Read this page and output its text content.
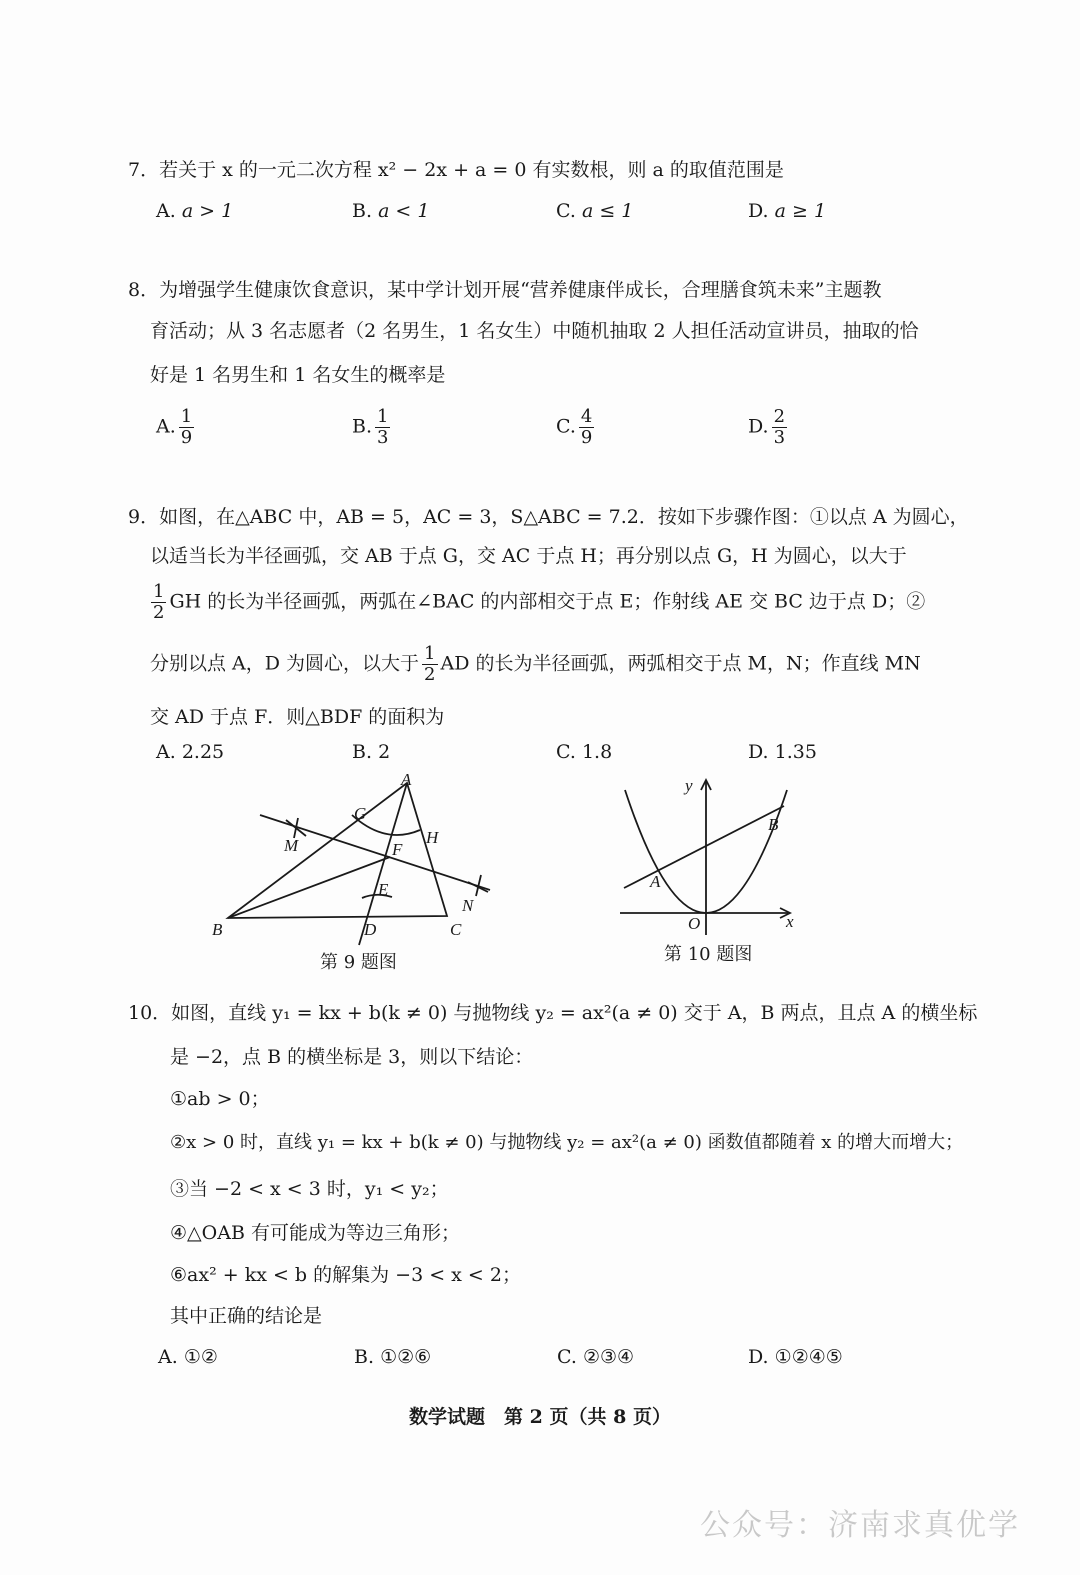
7．若关于 x 的一元二次方程 x² − 2x + a = 0 有实数根，则 a 的取值范围是
A. a > 1	B. a < 1	C. a ≤ 1	D. a ≥ 1
8．为增强学生健康饮食意识，某中学计划开展“营养健康伴成长，合理膳食筑未来”主题教
育活动；从 3 名志愿者（2 名男生，1 名女生）中随机抽取 2 人担任活动宣讲员，抽取的恰
好是 1 名男生和 1 名女生的概率是
A. $\frac{1}{9}$	B. $\frac{1}{3}$	C. $\frac{4}{9}$	D. $\frac{2}{3}$
9．如图，在△ABC 中，AB = 5，AC = 3，S△ABC = 7.2．按如下步骤作图：①以点 A 为圆心，
以适当长为半径画弧，交 AB 于点 G，交 AC 于点 H；再分别以点 G，H 为圆心，以大于
$\frac{1}{2}$ GH 的长为半径画弧，两弧在∠BAC 的内部相交于点 E；作射线 AE 交 BC 边于点 D；②
分别以点 A，D 为圆心，以大于 $\frac{1}{2}$ AD 的长为半径画弧，两弧相交于点 M，N；作直线 MN
交 AD 于点 F．则△BDF 的面积为
A. 2.25	B. 2	C. 1.8	D. 1.35
A
B	C
D
E
F
G
H
M
N
第 9 题图
x
y
O
A
B
第 10 题图
10．如图，直线 y₁ = kx + b(k ≠ 0) 与抛物线 y₂ = ax²(a ≠ 0) 交于 A，B 两点，且点 A 的横坐标
是 −2，点 B 的横坐标是 3，则以下结论：
①ab > 0；
②x > 0 时，直线 y₁ = kx + b(k ≠ 0) 与抛物线 y₂ = ax²(a ≠ 0) 函数值都随着 x 的增大而增大；
③当 −2 < x < 3 时，y₁ < y₂；
④△OAB 有可能成为等边三角形；
⑥ax² + kx < b 的解集为 −3 < x < 2；
其中正确的结论是
A. ①②	B. ①②⑥	C. ②③④	D. ①②④⑤
数学试题　第 2 页（共 8 页）
公众号：济南求真优学
